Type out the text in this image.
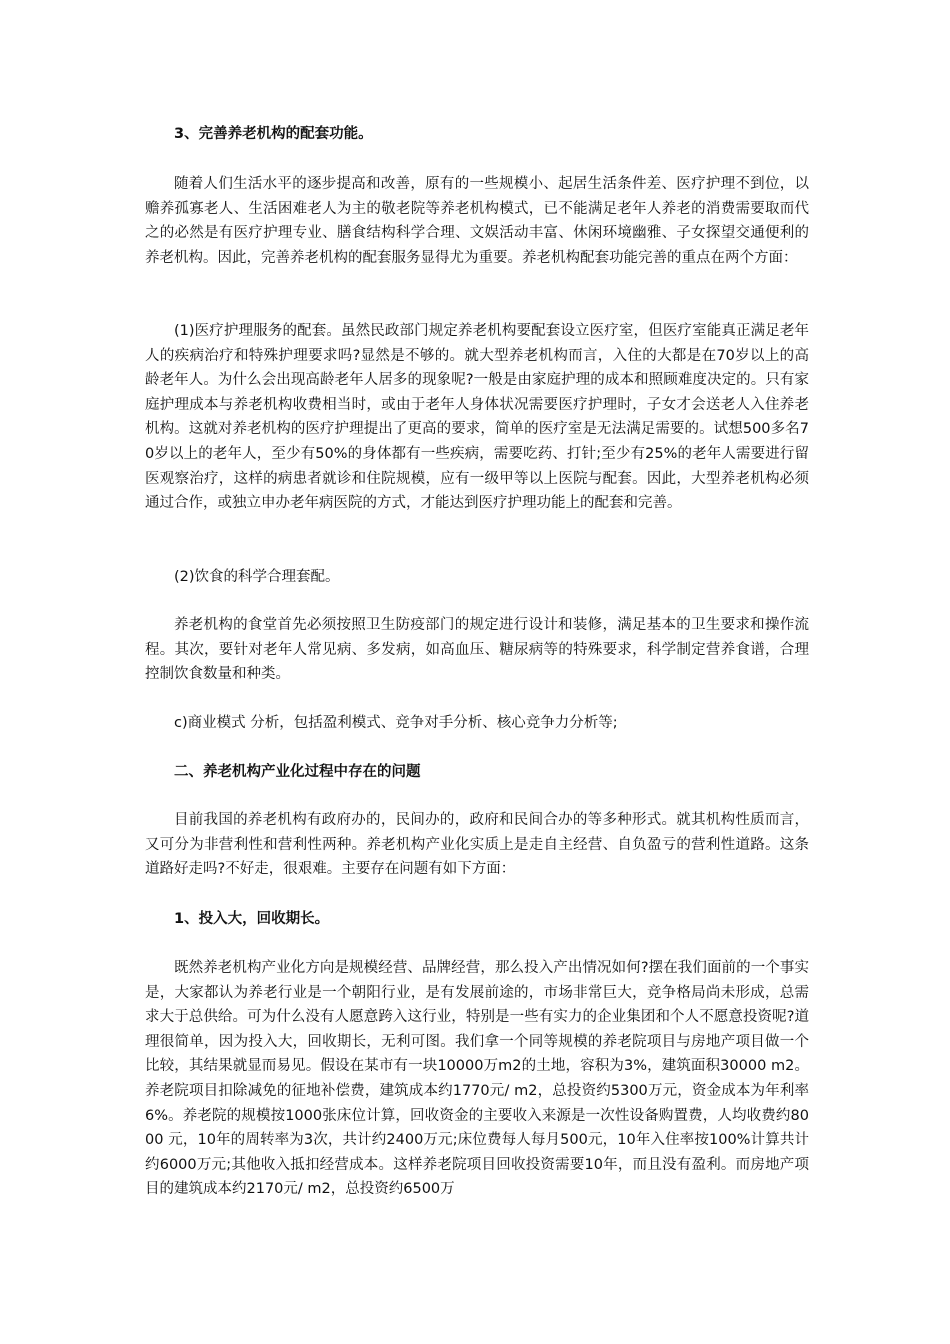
3、完善养老机构的配套功能。

随着人们生活水平的逐步提高和改善，原有的一些规模小、起居生活条件差、医疗护理不到位，以赡养孤寡老人、生活困难老人为主的敬老院等养老机构模式，已不能满足老年人养老的消费需要取而代之的必然是有医疗护理专业、膳食结构科学合理、文娱活动丰富、休闲环境幽雅、子女探望交通便利的养老机构。因此，完善养老机构的配套服务显得尤为重要。养老机构配套功能完善的重点在两个方面：

(1)医疗护理服务的配套。虽然民政部门规定养老机构要配套设立医疗室，但医疗室能真正满足老年人的疾病治疗和特殊护理要求吗?显然是不够的。就大型养老机构而言，入住的大都是在70岁以上的高龄老年人。为什么会出现高龄老年人居多的现象呢?一般是由家庭护理的成本和照顾难度决定的。只有家庭护理成本与养老机构收费相当时，或由于老年人身体状况需要医疗护理时，子女才会送老人入住养老机构。这就对养老机构的医疗护理提出了更高的要求，简单的医疗室是无法满足需要的。试想500多名70岁以上的老年人，至少有50%的身体都有一些疾病，需要吃药、打针;至少有25%的老年人需要进行留医观察治疗，这样的病患者就诊和住院规模，应有一级甲等以上医院与配套。因此，大型养老机构必须通过合作，或独立申办老年病医院的方式，才能达到医疗护理功能上的配套和完善。

(2)饮食的科学合理套配。

养老机构的食堂首先必须按照卫生防疫部门的规定进行设计和装修，满足基本的卫生要求和操作流程。其次，要针对老年人常见病、多发病，如高血压、糖尿病等的特殊要求，科学制定营养食谱，合理控制饮食数量和种类。

c)商业模式 分析，包括盈利模式、竞争对手分析、核心竞争力分析等;

二、养老机构产业化过程中存在的问题

目前我国的养老机构有政府办的，民间办的，政府和民间合办的等多种形式。就其机构性质而言，又可分为非营利性和营利性两种。养老机构产业化实质上是走自主经营、自负盈亏的营利性道路。这条道路好走吗?不好走，很艰难。主要存在问题有如下方面：

1、投入大，回收期长。

既然养老机构产业化方向是规模经营、品牌经营，那么投入产出情况如何?摆在我们面前的一个事实是，大家都认为养老行业是一个朝阳行业，是有发展前途的，市场非常巨大，竞争格局尚未形成，总需求大于总供给。可为什么没有人愿意跨入这行业，特别是一些有实力的企业集团和个人不愿意投资呢?道理很简单，因为投入大，回收期长，无利可图。我们拿一个同等规模的养老院项目与房地产项目做一个比较，其结果就显而易见。假设在某市有一块10000万m2的土地，容积为3%，建筑面积30000 m2。养老院项目扣除减免的征地补偿费，建筑成本约1770元/ m2，总投资约5300万元，资金成本为年利率6%。养老院的规模按1000张床位计算，回收资金的主要收入来源是一次性设备购置费，人均收费约8000 元，10年的周转率为3次，共计约2400万元;床位费每人每月500元，10年入住率按100%计算共计约6000万元;其他收入抵扣经营成本。这样养老院项目回收投资需要10年，而且没有盈利。而房地产项目的建筑成本约2170元/ m2，总投资约6500万
